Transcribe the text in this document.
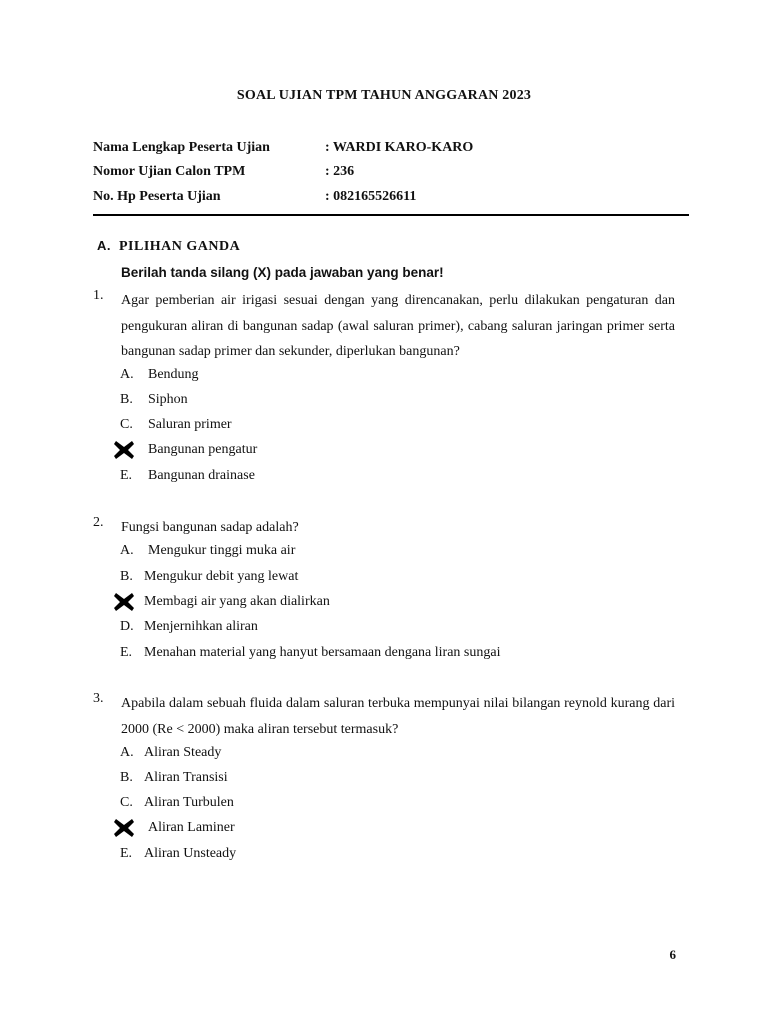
SOAL UJIAN TPM TAHUN ANGGARAN 2023
Nama Lengkap Peserta Ujian	: WARDI KARO-KARO
Nomor Ujian Calon TPM	: 236
No. Hp Peserta Ujian	: 082165526611
A. PILIHAN GANDA
Berilah tanda silang (X) pada jawaban yang benar!
1. Agar pemberian air irigasi sesuai dengan yang direncanakan, perlu dilakukan pengaturan dan pengukuran aliran di bangunan sadap (awal saluran primer), cabang saluran jaringan primer serta bangunan sadap primer dan sekunder, diperlukan bangunan?
A. Bendung
B. Siphon
C. Saluran primer
Bangunan pengatur
E. Bangunan drainase
2. Fungsi bangunan sadap adalah?
A. Mengukur tinggi muka air
B. Mengukur debit yang lewat
Membagi air yang akan dialirkan
D. Menjernihkan aliran
E. Menahan material yang hanyut bersamaan dengana liran sungai
3. Apabila dalam sebuah fluida dalam saluran terbuka mempunyai nilai bilangan reynold kurang dari 2000 (Re < 2000) maka aliran tersebut termasuk?
A. Aliran Steady
B. Aliran Transisi
C. Aliran Turbulen
Aliran Laminer
E. Aliran Unsteady
6
